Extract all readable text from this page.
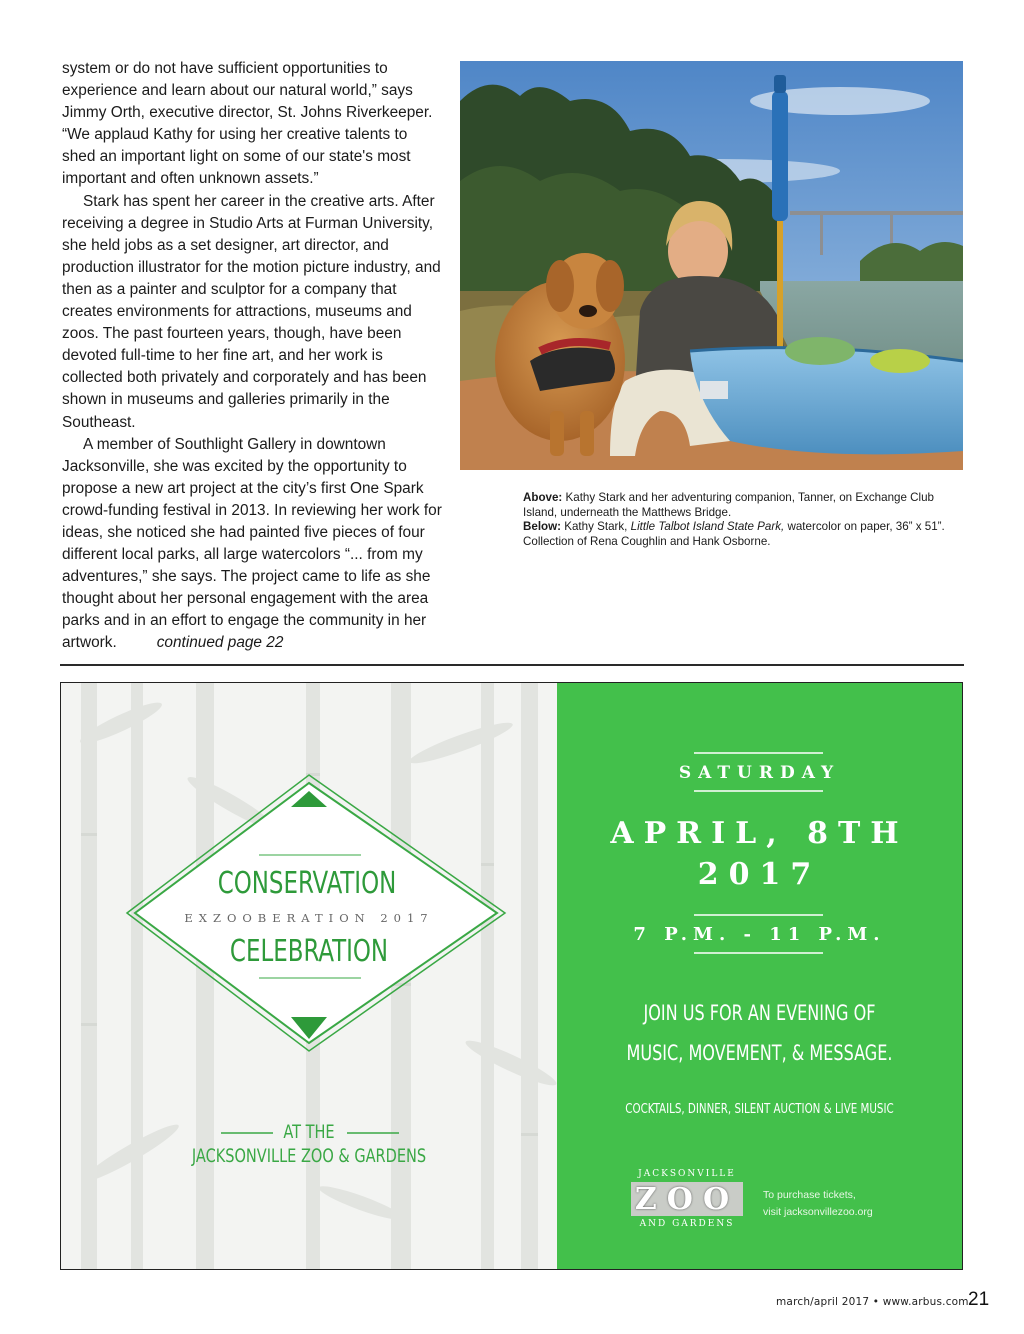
system or do not have sufficient opportunities to experience and learn about our natural world,” says Jimmy Orth, executive director, St. Johns Riverkeeper. “We applaud Kathy for using her creative talents to shed an important light on some of our state's most important and often unknown assets.”

Stark has spent her career in the creative arts. After receiving a degree in Studio Arts at Furman University, she held jobs as a set designer, art director, and production illustrator for the motion picture industry, and then as a painter and sculptor for a company that creates environments for attractions, museums and zoos. The past fourteen years, though, have been devoted full-time to her fine art, and her work is collected both privately and corporately and has been shown in museums and galleries primarily in the Southeast.

A member of Southlight Gallery in downtown Jacksonville, she was excited by the opportunity to propose a new art project at the city’s first One Spark crowd-funding festival in 2013. In reviewing her work for ideas, she noticed she had painted five pieces of four different local parks, all large watercolors “... from my adventures,” she says. The project came to life as she thought about her personal engagement with the area parks and in an effort to engage the community in her artwork.	continued page 22

Above: Kathy Stark and her adventuring companion, Tanner, on Exchange Club Island, underneath the Matthews Bridge.
Below: Kathy Stark, Little Talbot Island State Park, watercolor on paper, 36” x 51”. Collection of Rena Coughlin and Hank Osborne.
CONSERVATION
EXZOOBERATION 2017
CELEBRATION
AT THE
JACKSONVILLE ZOO & GARDENS
SATURDAY
APRIL, 8TH
2017
7 P.M. - 11 P.M.
JOIN US FOR AN EVENING OF
MUSIC, MOVEMENT, & MESSAGE.
COCKTAILS, DINNER, SILENT AUCTION & LIVE MUSIC
JACKSONVILLE
ZOO
AND GARDENS
To purchase tickets,
visit jacksonvillezoo.org
march/april 2017 • www.arbus.com 21
